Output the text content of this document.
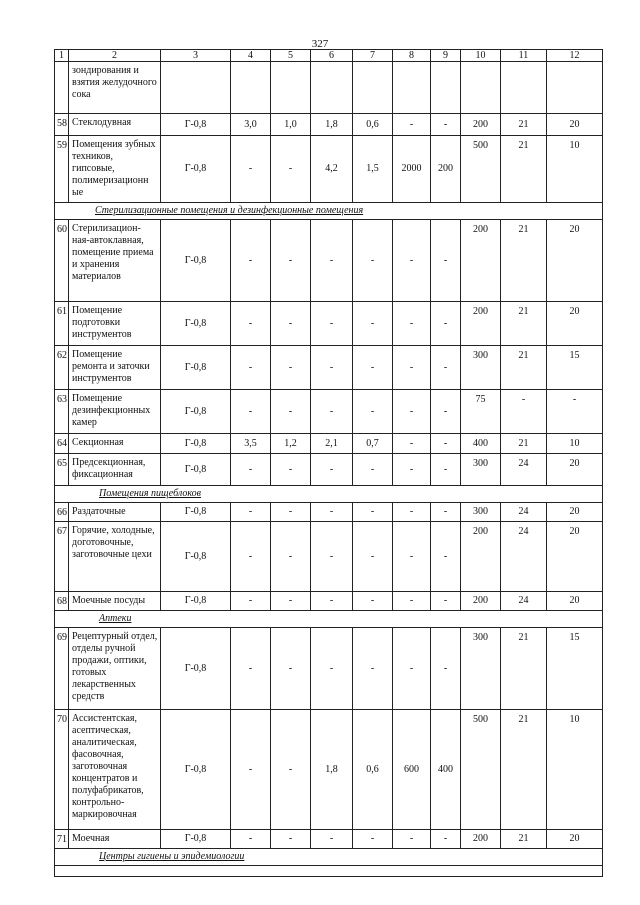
327
1	2	3	4	5	6	7	8	9	10	11	12
	зондирования и взятия желудочного сока										
58	Стеклодувная	Г-0,8	3,0	1,0	1,8	0,6	-	-	200	21	20
59	Помещения зубных техников, гипсовые, полимеризационн ые	Г-0,8	-	-	4,2	1,5	2000	200	500	21	10
Стерилизационные помещения и дезинфекционные помещения											
60	Стерилизацион-ная-автоклавная, помещение приема и хранения материалов	Г-0,8	-	-	-	-	-	-	200	21	20
61	Помещение подготовки инструментов	Г-0,8	-	-	-	-	-	-	200	21	20
62	Помещение ремонта и заточки инструментов	Г-0,8	-	-	-	-	-	-	300	21	15
63	Помещение дезинфекционных камер	Г-0,8	-	-	-	-	-	-	75	-	-
64	Секционная	Г-0,8	3,5	1,2	2,1	0,7	-	-	400	21	10
65	Предсекционная, фиксационная	Г-0,8	-	-	-	-	-	-	300	24	20
Помещения пищеблоков											
66	Раздаточные	Г-0,8	-	-	-	-	-	-	300	24	20
67	Горячие, холодные, доготовочные, заготовочные цехи	Г-0,8	-	-	-	-	-	-	200	24	20
68	Моечные посуды	Г-0,8	-	-	-	-	-	-	200	24	20
Аптеки											
69	Рецептурный отдел, отделы ручной продажи, оптики, готовых лекарственных средств	Г-0,8	-	-	-	-	-	-	300	21	15
70	Ассистентская, асептическая, аналитическая, фасовочная, заготовочная концентратов и полуфабрикатов, контрольно-маркировочная	Г-0,8	-	-	1,8	0,6	600	400	500	21	10
71	Моечная	Г-0,8	-	-	-	-	-	-	200	21	20
Центры гигиены и эпидемиологии											
